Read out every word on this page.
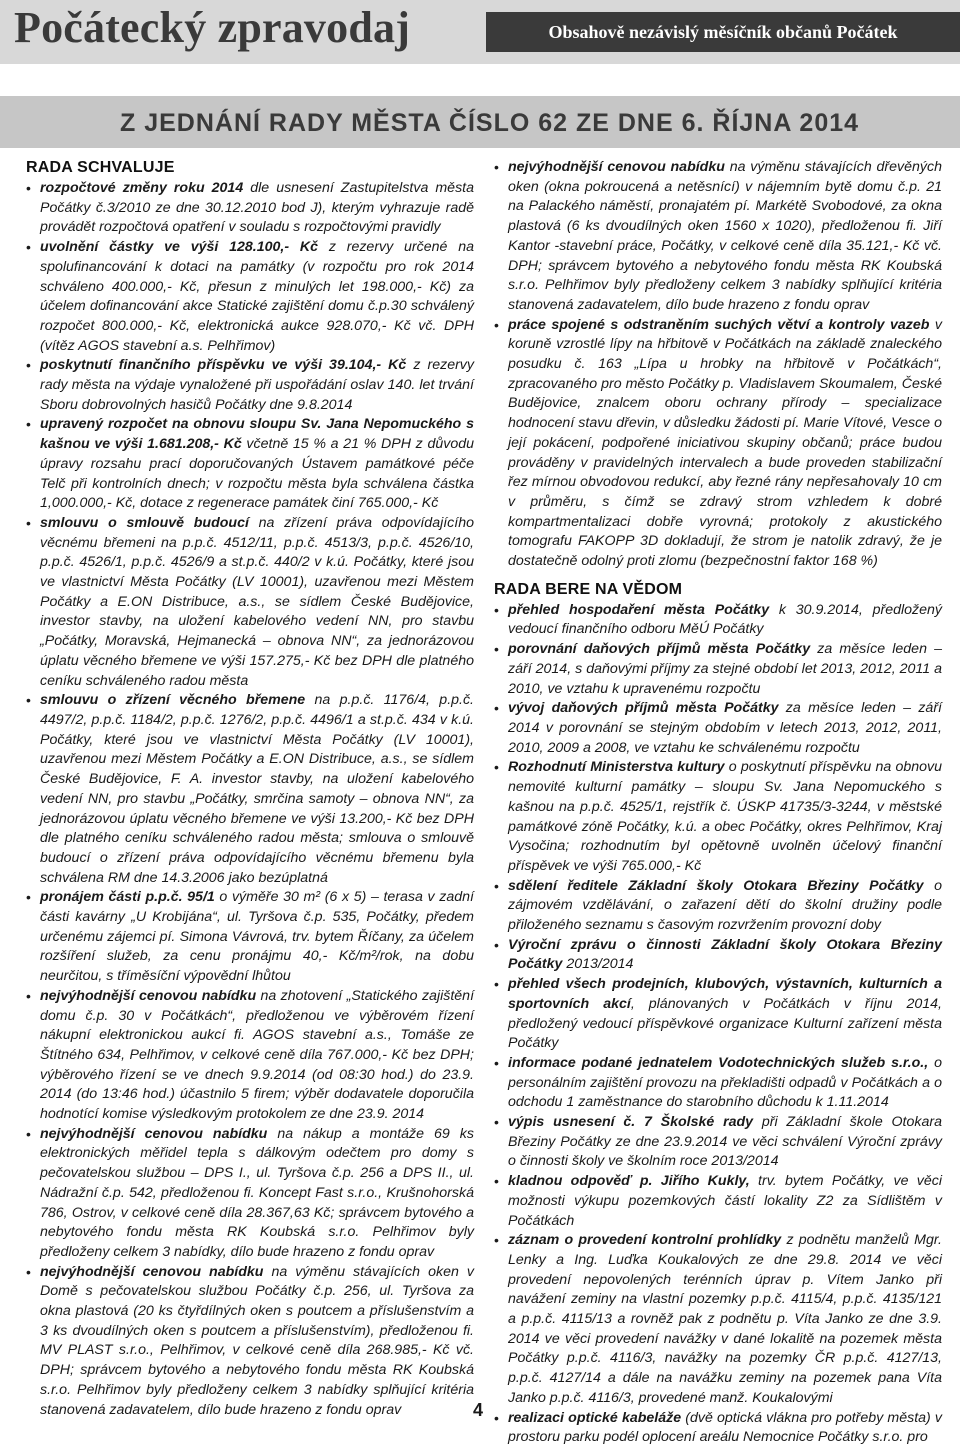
Počátecký zpravodaj	Obsahově nezávislý měsíčník občanů Počátek
Z JEDNÁNÍ RADY MĚSTA ČÍSLO 62 ZE DNE 6. ŘÍJNA 2014
RADA SCHVALUJE
• rozpočtové změny roku 2014 dle usnesení Zastupitelstva města Počátky č.3/2010 ze dne 30.12.2010 bod J), kterým vyhrazuje radě provádět rozpočtová opatření v souladu s rozpočtovými pravidly
• uvolnění částky ve výši 128.100,- Kč z rezervy určené na spolufinancování k dotaci na památky (v rozpočtu pro rok 2014 schváleno 400.000,- Kč, přesun z minulých let 198.000,- Kč) za účelem dofinancování akce Statické zajištění domu č.p.30 schválený rozpočet 800.000,- Kč, elektronická aukce 928.070,- Kč vč. DPH (vítěz AGOS stavební a.s. Pelhřimov)
• poskytnutí finančního příspěvku ve výši 39.104,- Kč z rezervy rady města na výdaje vynaložené při uspořádání oslav 140. let trvání Sboru dobrovolných hasičů Počátky dne 9.8.2014
• upravený rozpočet na obnovu sloupu Sv. Jana Nepomuckého s kašnou ve výši 1.681.208,- Kč včetně 15 % a 21 % DPH z důvodu úpravy rozsahu prací doporučovaných Ústavem památkové péče Telč při kontrolních dnech; v rozpočtu města byla schválena částka 1,000.000,- Kč, dotace z regenerace památek činí 765.000,- Kč
• smlouvu o smlouvě budoucí na zřízení práva odpovídajícího věcnému břemeni na p.p.č. 4512/11, p.p.č. 4513/3, p.p.č. 4526/10, p.p.č. 4526/1, p.p.č. 4526/9 a st.p.č. 440/2 v k.ú. Počátky, které jsou ve vlastnictví Města Počátky (LV 10001), uzavřenou mezi Městem Počátky a E.ON Distribuce, a.s., se sídlem České Budějovice, investor stavby, na uložení kabelového vedení NN, pro stavbu „Počátky, Moravská, Hejmanecká – obnova NN“, za jednorázovou úplatu věcného břemene ve výši 157.275,- Kč bez DPH dle platného ceníku schváleného radou města
• smlouvu o zřízení věcného břemene na p.p.č. 1176/4, p.p.č. 4497/2, p.p.č. 1184/2, p.p.č. 1276/2, p.p.č. 4496/1 a st.p.č. 434 v k.ú. Počátky, které jsou ve vlastnictví Města Počátky (LV 10001), uzavřenou mezi Městem Počátky a E.ON Distribuce, a.s., se sídlem České Budějovice, F. A. investor stavby, na uložení kabelového vedení NN, pro stavbu „Počátky, smrčina samoty – obnova NN“, za jednorázovou úplatu věcného břemene ve výši 13.200,- Kč bez DPH dle platného ceníku schváleného radou města; smlouva o smlouvě budoucí o zřízení práva odpovídajícího věcnému břemenu byla schválena RM dne 14.3.2006 jako bezúplatná
• pronájem části p.p.č. 95/1 o výměře 30 m² (6 x 5) – terasa v zadní části kavárny „U Krobijána“, ul. Tyršova č.p. 535, Počátky, předem určenému zájemci pí. Simona Vávrová, trv. bytem Říčany, za účelem rozšíření služeb, za cenu pronájmu 40,- Kč/m²/rok, na dobu neurčitou, s tříměsíční výpovědní lhůtou
• nejvýhodnější cenovou nabídku na zhotovení „Statického zajištění domu č.p. 30 v Počátkách“, předloženou ve výběrovém řízení nákupní elektronickou aukcí fi. AGOS stavební a.s., Tomáše ze Štítného 634, Pelhřimov, v celkové ceně díla 767.000,- Kč bez DPH; výběrového řízení se ve dnech 9.9.2014 (od 08:30 hod.) do 23.9. 2014 (do 13:46 hod.) účastnilo 5 firem; výběr dodavatele doporučila hodnotící komise výsledkovým protokolem ze dne 23.9. 2014
• nejvýhodnější cenovou nabídku na nákup a montáže 69 ks elektronických měřidel tepla s dálkovým odečtem pro domy s pečovatelskou službou – DPS I., ul. Tyršova č.p. 256 a DPS II., ul. Nádražní č.p. 542, předloženou fi. Koncept Fast s.r.o., Krušnohorská 786, Ostrov, v celkové ceně díla 28.367,63 Kč; správcem bytového a nebytového fondu města RK Koubská s.r.o. Pelhřimov byly předloženy celkem 3 nabídky, dílo bude hrazeno z fondu oprav
• nejvýhodnější cenovou nabídku na výměnu stávajících oken v Domě s pečovatelskou službou Počátky č.p. 256, ul. Tyršova za okna plastová (20 ks čtyřdílných oken s poutcem a příslušenstvím a 3 ks dvoudílných oken s poutcem a příslušenstvím), předloženou fi. MV PLAST s.r.o., Pelhřimov, v celkové ceně díla 268.985,- Kč vč. DPH; správcem bytového a nebytového fondu města RK Koubská s.r.o. Pelhřimov byly předloženy celkem 3 nabídky splňující kritéria stanovená zadavatelem, dílo bude hrazeno z fondu oprav
• nejvýhodnější cenovou nabídku na výměnu stávajících dřevěných oken (okna pokroucená a netěsnící) v nájemním bytě domu č.p. 21 na Palackého náměstí, pronajatém pí. Markétě Svobodové, za okna plastová (6 ks dvoudílných oken 1560 x 1020), předloženou fi. Jiří Kantor -stavební práce, Počátky, v celkové ceně díla 35.121,- Kč vč. DPH; správcem bytového a nebytového fondu města RK Koubská s.r.o. Pelhřimov byly předloženy celkem 3 nabídky splňující kritéria stanovená zadavatelem, dílo bude hrazeno z fondu oprav
• práce spojené s odstraněním suchých větví a kontroly vazeb v koruně vzrostlé lípy na hřbitově v Počátkách na základě znaleckého posudku č. 163 „Lípa u hrobky na hřbitově v Počátkách“, zpracovaného pro město Počátky p. Vladislavem Skoumalem, České Budějovice, znalcem oboru ochrany přírody – specializace hodnocení stavu dřevin, v důsledku žádosti pí. Marie Vítové, Vesce o její pokácení, podpořené iniciativou skupiny občanů; práce budou prováděny v pravidelných intervalech a bude proveden stabilizační řez mírnou obvodovou redukcí, aby řezné rány nepřesahovaly 10 cm v průměru, s čímž se zdravý strom vzhledem k dobré kompartmentalizaci dobře vyrovná; protokoly z akustického tomografu FAKOPP 3D dokladují, že strom je natolik zdravý, že je dostatečně odolný proti zlomu (bezpečnostní faktor 168 %)
RADA BERE NA VĚDOM
• přehled hospodaření města Počátky k 30.9.2014, předložený vedoucí finančního odboru MěÚ Počátky
• porovnání daňových příjmů města Počátky za měsíce leden – září 2014, s daňovými příjmy za stejné období let 2013, 2012, 2011 a 2010, ve vztahu k upravenému rozpočtu
• vývoj daňových příjmů města Počátky za měsíce leden – září 2014 v porovnání se stejným obdobím v letech 2013, 2012, 2011, 2010, 2009 a 2008, ve vztahu ke schválenému rozpočtu
• Rozhodnutí Ministerstva kultury o poskytnutí příspěvku na obnovu nemovité kulturní památky – sloupu Sv. Jana Nepomuckého s kašnou na p.p.č. 4525/1, rejstřík č. ÚSKP 41735/3-3244, v městské památkové zóně Počátky, k.ú. a obec Počátky, okres Pelhřimov, Kraj Vysočina; rozhodnutím byl opětovně uvolněn účelový finanční příspěvek ve výši 765.000,- Kč
• sdělení ředitele Základní školy Otokara Březiny Počátky o zájmovém vzdělávání, o zařazení dětí do školní družiny podle přiloženého seznamu s časovým rozvržením provozní doby
• Výroční zprávu o činnosti Základní školy Otokara Březiny Počátky 2013/2014
• přehled všech prodejních, klubových, výstavních, kulturních a sportovních akcí, plánovaných v Počátkách v říjnu 2014, předložený vedoucí příspěvkové organizace Kulturní zařízení města Počátky
• informace podané jednatelem Vodotechnických služeb s.r.o., o personálním zajištění provozu na překladišti odpadů v Počátkách a o odchodu 1 zaměstnance do starobního důchodu k 1.11.2014
• výpis usnesení č. 7 Školské rady při Základní škole Otokara Březiny Počátky ze dne 23.9.2014 ve věci schválení Výroční zprávy o činnosti školy ve školním roce 2013/2014
• kladnou odpověď p. Jiřího Kukly, trv. bytem Počátky, ve věci možnosti výkupu pozemkových částí lokality Z2 za Sídlištěm v Počátkách
• záznam o provedení kontrolní prohlídky z podnětu manželů Mgr. Lenky a Ing. Luďka Koukalových ze dne 29.8. 2014 ve věci provedení nepovolených terénních úprav p. Vítem Janko při navážení zeminy na vlastní pozemky p.p.č. 4115/4, p.p.č. 4135/121 a p.p.č. 4115/13 a rovněž pak z podnětu p. Víta Janko ze dne 3.9. 2014 ve věci provedení navážky v dané lokalitě na pozemek města Počátky p.p.č. 4116/3, navážky na pozemky ČR p.p.č. 4127/13, p.p.č. 4127/14 a dále na navážku zeminy na pozemek pana Víta Janko p.p.č. 4116/3, provedené manž. Koukalovými
• realizaci optické kabeláže (dvě optická vlákna pro potřeby města) v prostoru parku podél oplocení areálu Nemocnice Počátky s.r.o. pro
4
